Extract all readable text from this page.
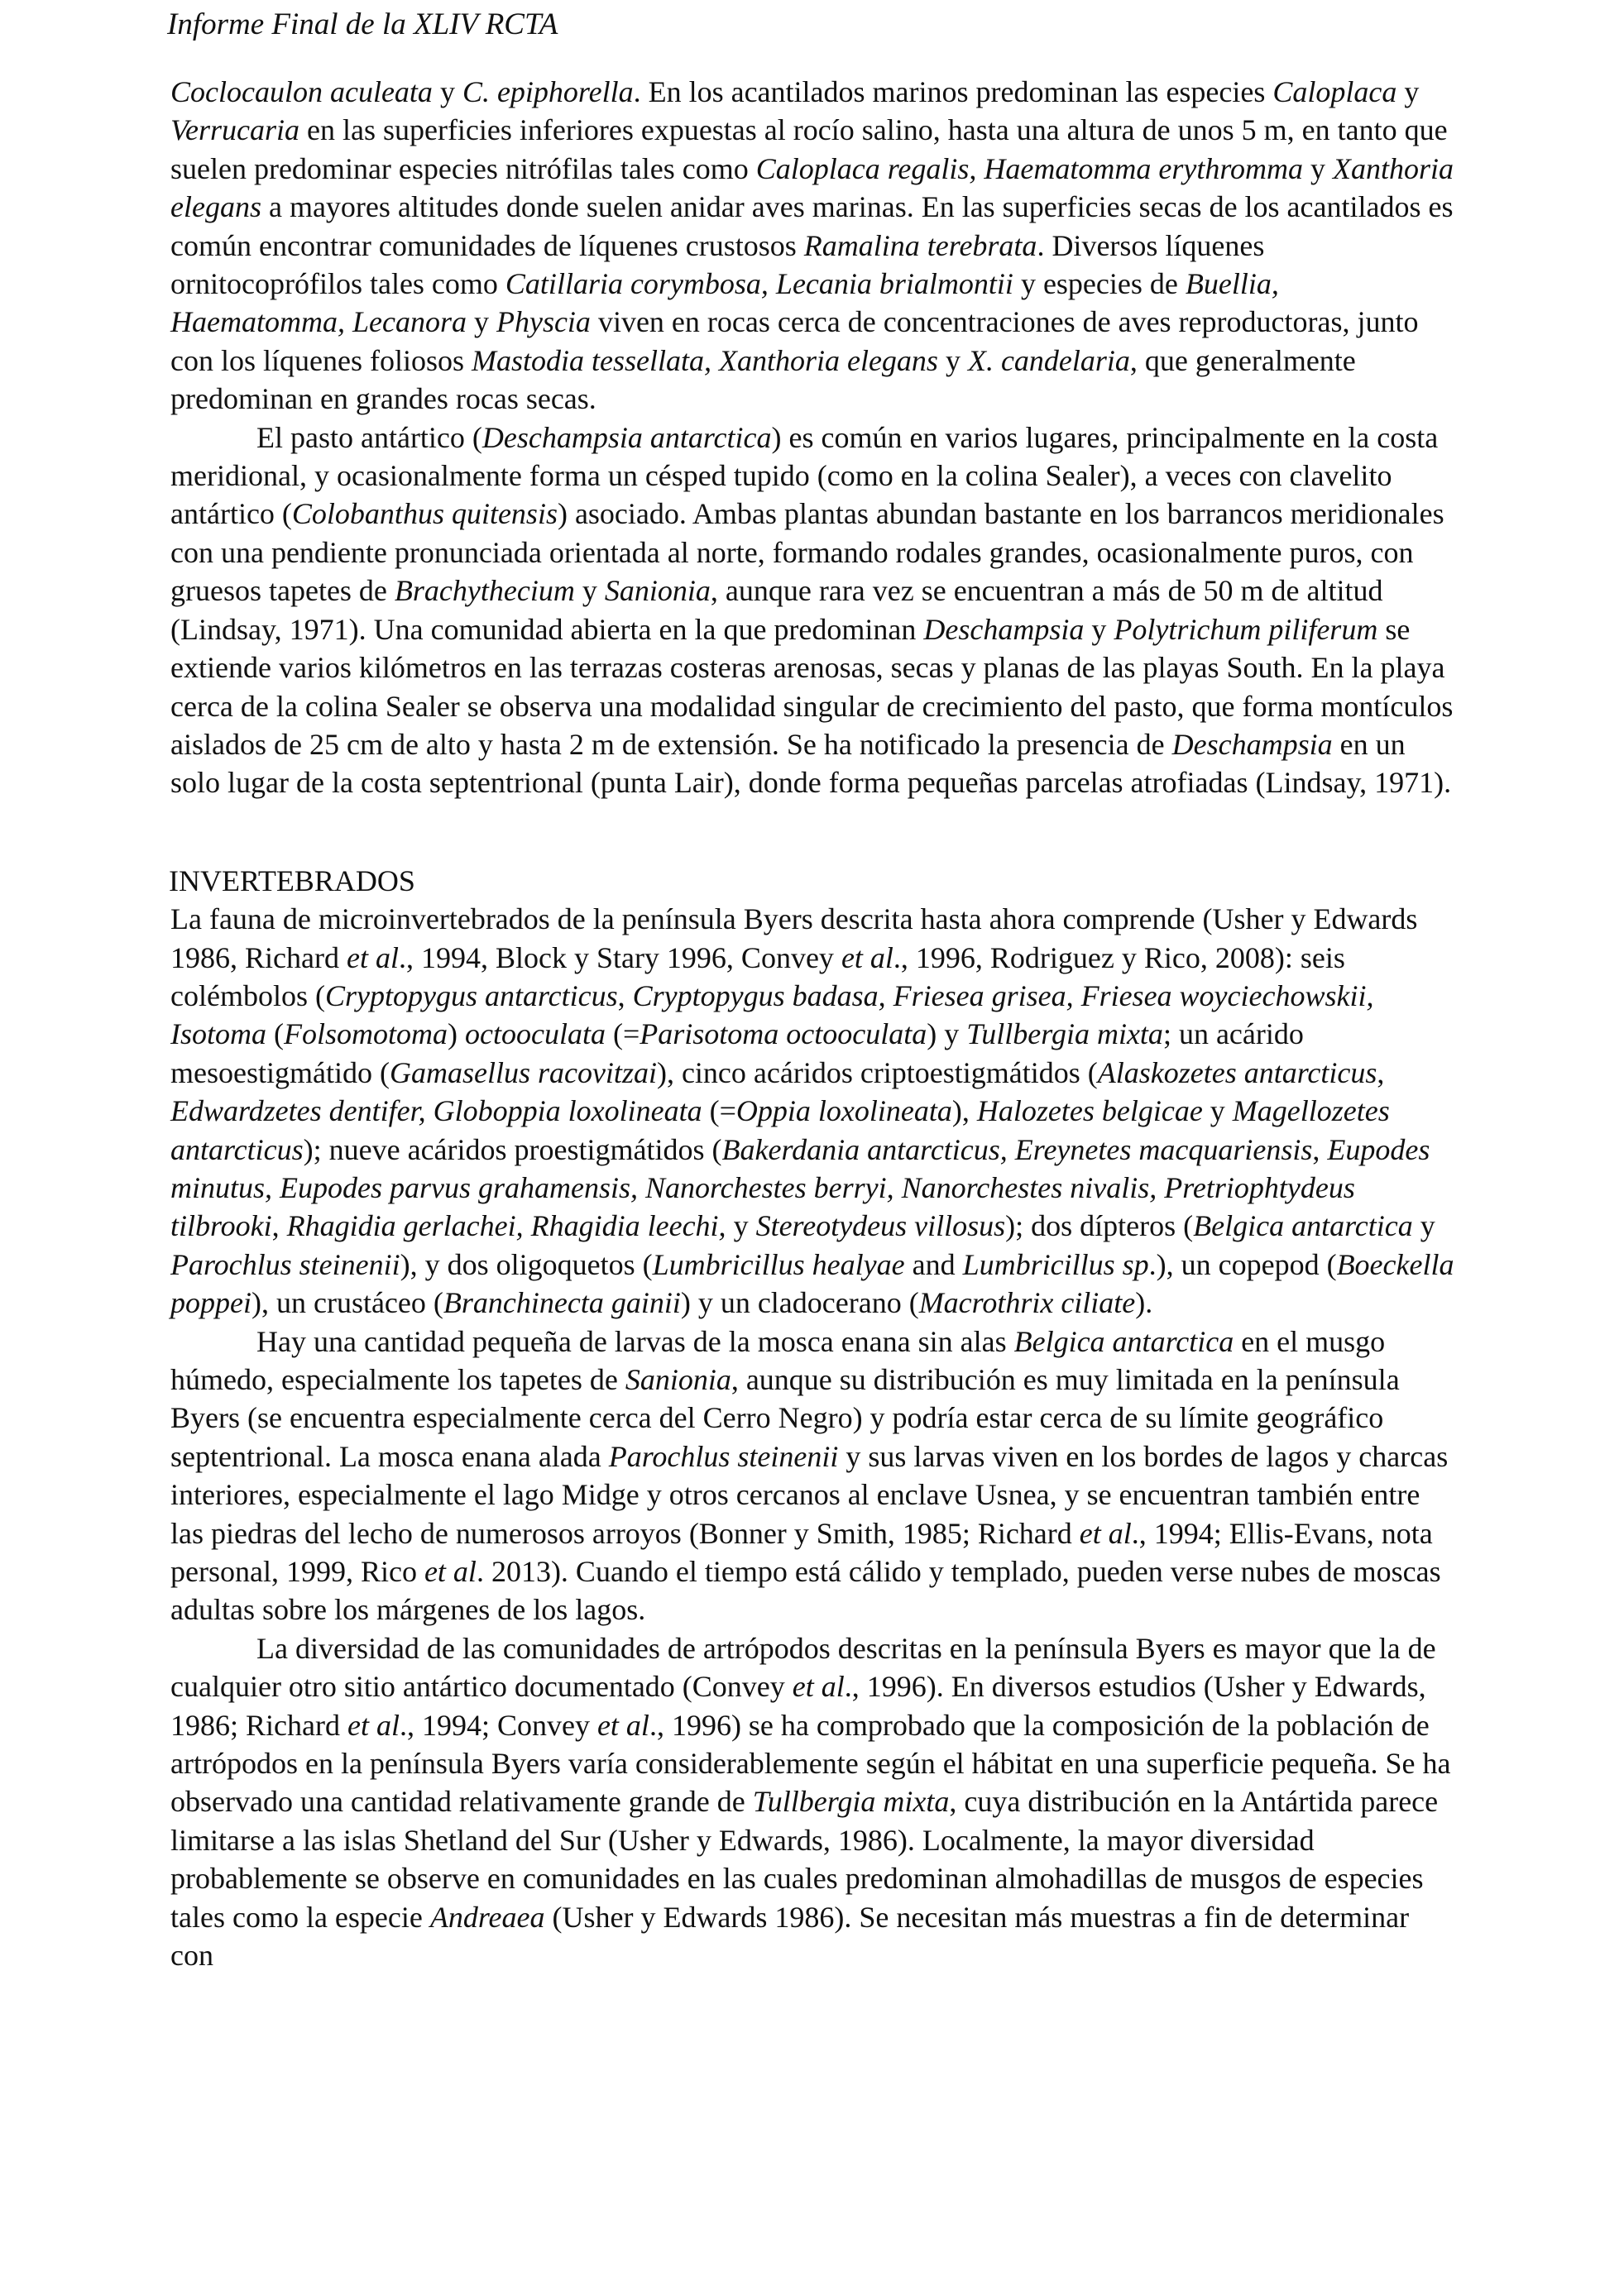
Informe Final de la XLIV RCTA

Coclocaulon aculeata y C. epiphorella. En los acantilados marinos predominan las especies Caloplaca y Verrucaria en las superficies inferiores expuestas al rocío salino, hasta una altura de unos 5 m, en tanto que suelen predominar especies nitrófilas tales como Caloplaca regalis, Haematomma erythromma y Xanthoria elegans a mayores altitudes donde suelen anidar aves marinas. En las superficies secas de los acantilados es común encontrar comunidades de líquenes crustosos Ramalina terebrata. Diversos líquenes ornitocoprófilos tales como Catillaria corymbosa, Lecania brialmontii y especies de Buellia, Haematomma, Lecanora y Physcia viven en rocas cerca de concentraciones de aves reproductoras, junto con los líquenes foliosos Mastodia tessellata, Xanthoria elegans y X. candelaria, que generalmente predominan en grandes rocas secas.

El pasto antártico (Deschampsia antarctica) es común en varios lugares, principalmente en la costa meridional, y ocasionalmente forma un césped tupido (como en la colina Sealer), a veces con clavelito antártico (Colobanthus quitensis) asociado. Ambas plantas abundan bastante en los barrancos meridionales con una pendiente pronunciada orientada al norte, formando rodales grandes, ocasionalmente puros, con gruesos tapetes de Brachythecium y Sanionia, aunque rara vez se encuentran a más de 50 m de altitud (Lindsay, 1971). Una comunidad abierta en la que predominan Deschampsia y Polytrichum piliferum se extiende varios kilómetros en las terrazas costeras arenosas, secas y planas de las playas South. En la playa cerca de la colina Sealer se observa una modalidad singular de crecimiento del pasto, que forma montículos aislados de 25 cm de alto y hasta 2 m de extensión. Se ha notificado la presencia de Deschampsia en un solo lugar de la costa septentrional (punta Lair), donde forma pequeñas parcelas atrofiadas (Lindsay, 1971).

INVERTEBRADOS

La fauna de microinvertebrados de la península Byers descrita hasta ahora comprende (Usher y Edwards 1986, Richard et al., 1994, Block y Stary 1996, Convey et al., 1996, Rodriguez y Rico, 2008): seis colémbolos (Cryptopygus antarcticus, Cryptopygus badasa, Friesea grisea, Friesea woyciechowskii, Isotoma (Folsomotoma) octooculata (=Parisotoma octooculata) y Tullbergia mixta; un acárido mesoestigmátido (Gamasellus racovitzai), cinco acáridos criptoestigmátidos (Alaskozetes antarcticus, Edwardzetes dentifer, Globoppia loxolineata (=Oppia loxolineata), Halozetes belgicae y Magellozetes antarcticus); nueve acáridos proestigmátidos (Bakerdania antarcticus, Ereynetes macquariensis, Eupodes minutus, Eupodes parvus grahamensis, Nanorchestes berryi, Nanorchestes nivalis, Pretriophtydeus tilbrooki, Rhagidia gerlachei, Rhagidia leechi, y Stereotydeus villosus); dos dípteros (Belgica antarctica y Parochlus steinenii), y dos oligoquetos (Lumbricillus healyae and Lumbricillus sp.), un copepod (Boeckella poppei), un crustáceo (Branchinecta gainii) y un cladocerano (Macrothrix ciliate).

Hay una cantidad pequeña de larvas de la mosca enana sin alas Belgica antarctica en el musgo húmedo, especialmente los tapetes de Sanionia, aunque su distribución es muy limitada en la península Byers (se encuentra especialmente cerca del Cerro Negro) y podría estar cerca de su límite geográfico septentrional. La mosca enana alada Parochlus steinenii y sus larvas viven en los bordes de lagos y charcas interiores, especialmente el lago Midge y otros cercanos al enclave Usnea, y se encuentran también entre las piedras del lecho de numerosos arroyos (Bonner y Smith, 1985; Richard et al., 1994; Ellis-Evans, nota personal, 1999, Rico et al. 2013). Cuando el tiempo está cálido y templado, pueden verse nubes de moscas adultas sobre los márgenes de los lagos.

La diversidad de las comunidades de artrópodos descritas en la península Byers es mayor que la de cualquier otro sitio antártico documentado (Convey et al., 1996). En diversos estudios (Usher y Edwards, 1986; Richard et al., 1994; Convey et al., 1996) se ha comprobado que la composición de la población de artrópodos en la península Byers varía considerablemente según el hábitat en una superficie pequeña. Se ha observado una cantidad relativamente grande de Tullbergia mixta, cuya distribución en la Antártida parece limitarse a las islas Shetland del Sur (Usher y Edwards, 1986). Localmente, la mayor diversidad probablemente se observe en comunidades en las cuales predominan almohadillas de musgos de especies tales como la especie Andreaea (Usher y Edwards 1986). Se necesitan más muestras a fin de determinar con
